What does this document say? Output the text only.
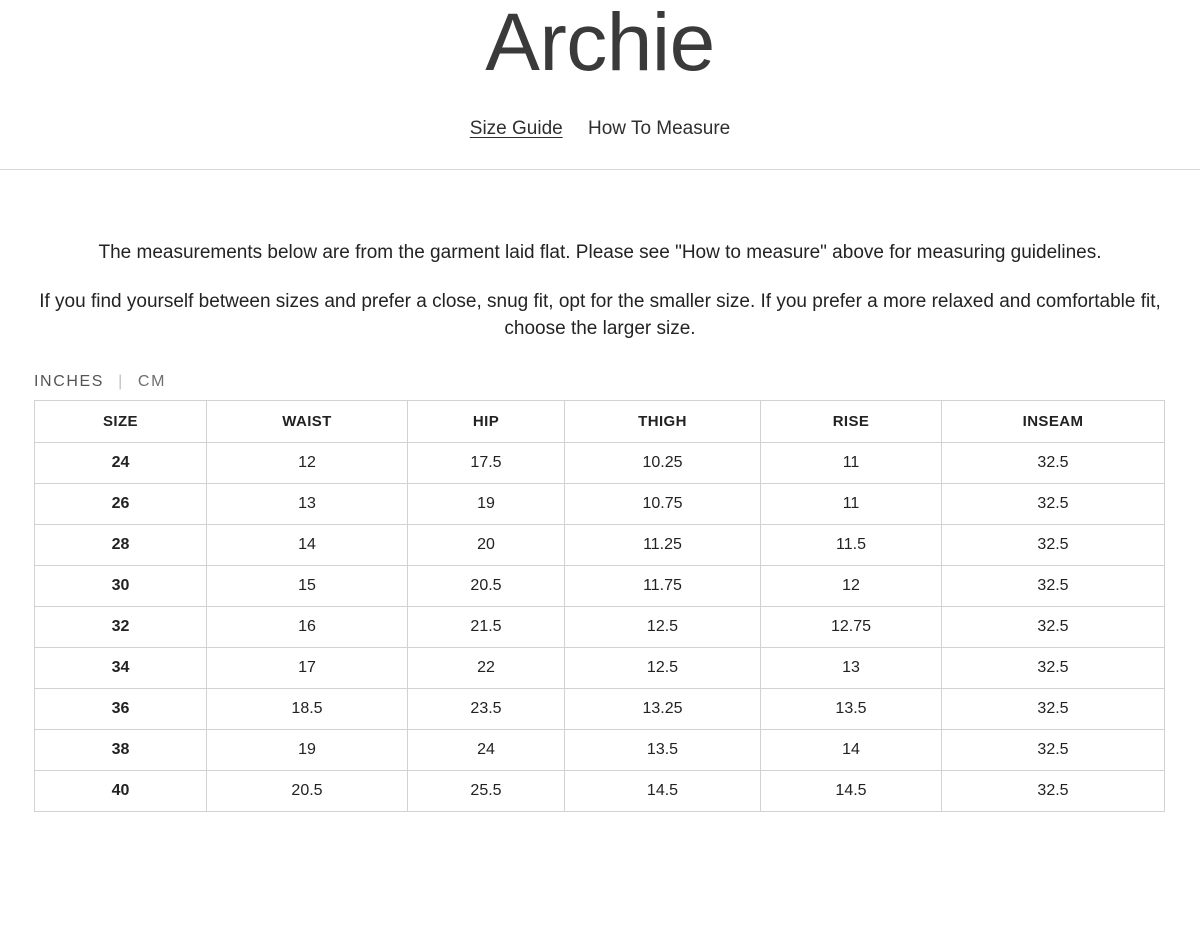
Archie
Size Guide How To Measure

The measurements below are from the garment laid flat. Please see "How to measure" above for measuring guidelines.

If you find yourself between sizes and prefer a close, snug fit, opt for the smaller size. If you prefer a more relaxed and comfortable fit, choose the larger size.

INCHES | CM
SIZE	WAIST	HIP	THIGH	RISE	INSEAM
24	12	17.5	10.25	11	32.5
26	13	19	10.75	11	32.5
28	14	20	11.25	11.5	32.5
30	15	20.5	11.75	12	32.5
32	16	21.5	12.5	12.75	32.5
34	17	22	12.5	13	32.5
36	18.5	23.5	13.25	13.5	32.5
38	19	24	13.5	14	32.5
40	20.5	25.5	14.5	14.5	32.5
